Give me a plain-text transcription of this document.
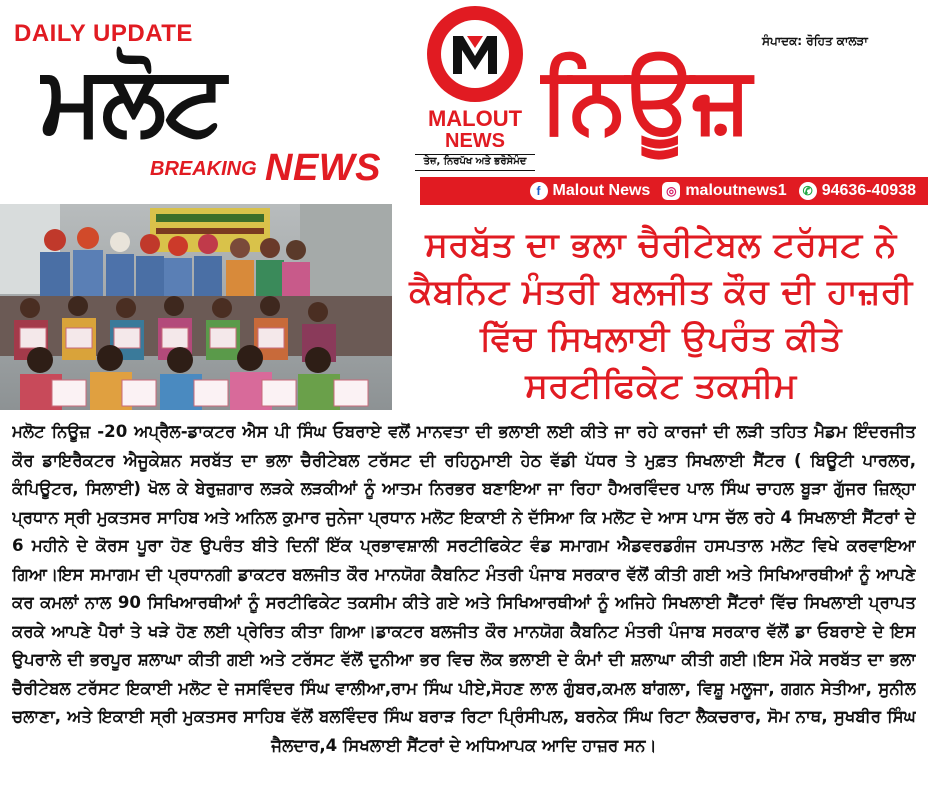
DAILY UPDATE
ਮਲੋਟ
BREAKING NEWS
MALOUT
NEWS
ਤੇਜ਼, ਨਿਰਪੱਖ ਅਤੇ ਭਰੋਸੇਮੰਦ
ਸੰਪਾਦਕ: ਰੋਹਿਤ ਕਾਲੜਾ
ਨਿਊਜ਼
f Malout News	◎ maloutnews1	✆ 94636-40938
ਸਰਬੱਤ ਦਾ ਭਲਾ ਚੈਰੀਟੇਬਲ ਟਰੱਸਟ ਨੇ ਕੈਬਨਿਟ ਮੰਤਰੀ ਬਲਜੀਤ ਕੌਰ ਦੀ ਹਾਜ਼ਰੀ ਵਿੱਚ ਸਿਖਲਾਈ ਉਪਰੰਤ ਕੀਤੇ ਸਰਟੀਫਿਕੇਟ ਤਕਸੀਮ
ਮਲੋਟ ਨਿਊਜ਼ -20 ਅਪ੍ਰੈਲ-ਡਾਕਟਰ ਐਸ ਪੀ ਸਿੰਘ ਓਬਰਾਏ ਵਲੋਂ ਮਾਨਵਤਾ ਦੀ ਭਲਾਈ ਲਈ ਕੀਤੇ ਜਾ ਰਹੇ ਕਾਰਜਾਂ ਦੀ ਲੜੀ ਤਹਿਤ ਮੈਡਮ ਇੰਦਰਜੀਤ ਕੌਰ ਡਾਇਰੈਕਟਰ ਐਜੂਕੇਸ਼ਨ ਸਰਬੱਤ ਦਾ ਭਲਾ ਚੈਰੀਟੇਬਲ ਟਰੱਸਟ ਦੀ ਰਹਿਨੁਮਾਈ ਹੇਠ ਵੱਡੀ ਪੱਧਰ ਤੇ ਮੁਫ਼ਤ ਸਿਖਲਾਈ ਸੈਂਟਰ ( ਬਿਊਟੀ ਪਾਰਲਰ, ਕੰਪਿਊਟਰ, ਸਿਲਾਈ) ਖੋਲ ਕੇ ਬੇਰੁਜ਼ਗਾਰ ਲੜਕੇ ਲੜਕੀਆਂ ਨੂੰ ਆਤਮ ਨਿਰਭਰ ਬਣਾਇਆ ਜਾ ਰਿਹਾ ਹੈਅਰਵਿੰਦਰ ਪਾਲ ਸਿੰਘ ਚਾਹਲ ਬੂੜਾ ਗੁੱਜਰ ਜ਼ਿਲ੍ਹਾ ਪ੍ਰਧਾਨ ਸ੍ਰੀ ਮੁਕਤਸਰ ਸਾਹਿਬ ਅਤੇ ਅਨਿਲ ਕੁਮਾਰ ਜੁਨੇਜਾ ਪ੍ਰਧਾਨ ਮਲੋਟ ਇਕਾਈ ਨੇ ਦੱਸਿਆ ਕਿ ਮਲੋਟ ਦੇ ਆਸ ਪਾਸ ਚੱਲ ਰਹੇ 4 ਸਿਖਲਾਈ ਸੈਂਟਰਾਂ ਦੇ 6 ਮਹੀਨੇ ਦੇ ਕੋਰਸ ਪੂਰਾ ਹੋਣ ਉਪਰੰਤ ਬੀਤੇ ਦਿਨੀਂ ਇੱਕ ਪ੍ਰਭਾਵਸ਼ਾਲੀ ਸਰਟੀਫਿਕੇਟ ਵੰਡ ਸਮਾਗਮ ਐਡਵਰਡਗੰਜ ਹਸਪਤਾਲ ਮਲੋਟ ਵਿਖੇ ਕਰਵਾਇਆ ਗਿਆ।ਇਸ ਸਮਾਗਮ ਦੀ ਪ੍ਰਧਾਨਗੀ ਡਾਕਟਰ ਬਲਜੀਤ ਕੌਰ ਮਾਨਯੋਗ ਕੈਬਨਿਟ ਮੰਤਰੀ ਪੰਜਾਬ ਸਰਕਾਰ ਵੱਲੋਂ ਕੀਤੀ ਗਈ ਅਤੇ ਸਿਖਿਆਰਥੀਆਂ ਨੂੰ ਆਪਣੇ ਕਰ ਕਮਲਾਂ ਨਾਲ 90 ਸਿਖਿਆਰਥੀਆਂ ਨੂੰ ਸਰਟੀਫਿਕੇਟ ਤਕਸੀਮ ਕੀਤੇ ਗਏ ਅਤੇ ਸਿਖਿਆਰਥੀਆਂ ਨੂੰ ਅਜਿਹੇ ਸਿਖਲਾਈ ਸੈਂਟਰਾਂ ਵਿੱਚ ਸਿਖਲਾਈ ਪ੍ਰਾਪਤ ਕਰਕੇ ਆਪਣੇ ਪੈਰਾਂ ਤੇ ਖੜੇ ਹੋਣ ਲਈ ਪ੍ਰੇਰਿਤ ਕੀਤਾ ਗਿਆ।ਡਾਕਟਰ ਬਲਜੀਤ ਕੌਰ ਮਾਨਯੋਗ ਕੈਬਨਿਟ ਮੰਤਰੀ ਪੰਜਾਬ ਸਰਕਾਰ ਵੱਲੋਂ ਡਾ ਓਬਰਾਏ ਦੇ ਇਸ ਉਪਰਾਲੇ ਦੀ ਭਰਪੂਰ ਸ਼ਲਾਘਾ ਕੀਤੀ ਗਈ ਅਤੇ ਟਰੱਸਟ ਵੱਲੋਂ ਦੁਨੀਆ ਭਰ ਵਿਚ ਲੋਕ ਭਲਾਈ ਦੇ ਕੰਮਾਂ ਦੀ ਸ਼ਲਾਘਾ ਕੀਤੀ ਗਈ।ਇਸ ਮੌਕੇ ਸਰਬੱਤ ਦਾ ਭਲਾ ਚੈਰੀਟੇਬਲ ਟਰੱਸਟ ਇਕਾਈ ਮਲੋਟ ਦੇ ਜਸਵਿੰਦਰ ਸਿੰਘ ਵਾਲੀਆ,ਰਾਮ ਸਿੰਘ ਪੀਏ,ਸੋਹਣ ਲਾਲ ਗੁੰਬਰ,ਕਮਲ ਬਾਂਗਲਾ, ਵਿਸ਼ੂ ਮਲੂਜਾ, ਗਗਨ ਸੇਤੀਆ, ਸੁਨੀਲ ਚਲਾਣਾ, ਅਤੇ ਇਕਾਈ ਸ੍ਰੀ ਮੁਕਤਸਰ ਸਾਹਿਬ ਵੱਲੋਂ ਬਲਵਿੰਦਰ ਸਿੰਘ ਬਰਾੜ ਰਿਟਾ ਪ੍ਰਿੰਸੀਪਲ, ਬਰਨੇਕ ਸਿੰਘ ਰਿਟਾ ਲੈਕਚਰਾਰ, ਸੋਮ ਨਾਥ, ਸੁਖਬੀਰ ਸਿੰਘ ਜੈਲਦਾਰ,4 ਸਿਖਲਾਈ ਸੈਂਟਰਾਂ ਦੇ ਅਧਿਆਪਕ ਆਦਿ ਹਾਜ਼ਰ ਸਨ।
